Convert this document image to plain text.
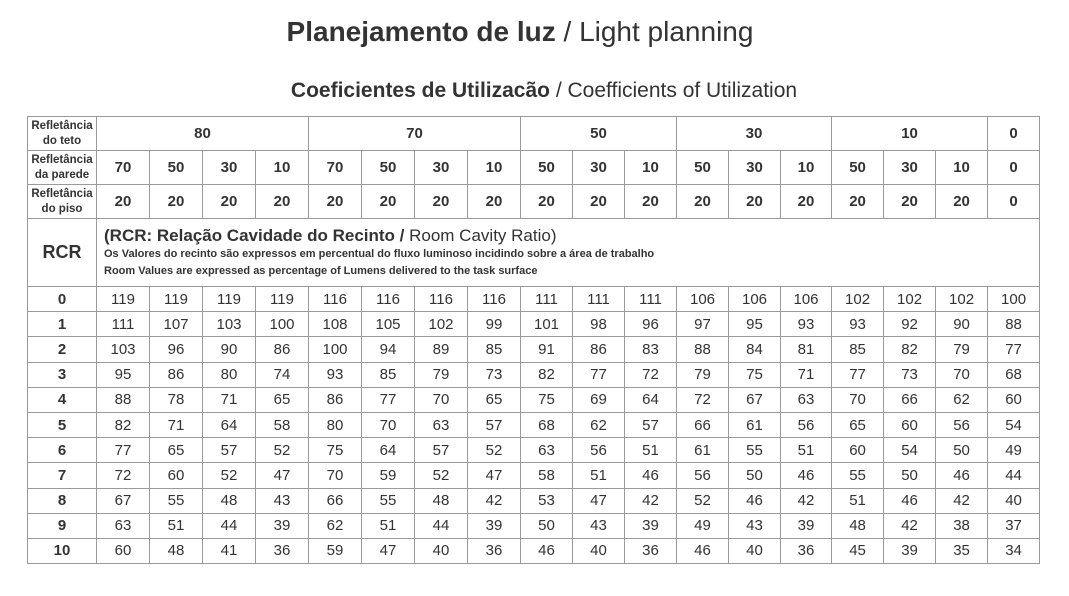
Planejamento de luz / Light planning
Coeficientes de Utilizacão / Coefficients of Utilization
Refletância
do teto	80				70				50			30			10			0
Refletância
da parede	70	50	30	10	70	50	30	10	50	30	10	50	30	10	50	30	10	0
Refletância
do piso	20	20	20	20	20	20	20	20	20	20	20	20	20	20	20	20	20	0
RCR	(RCR: Relação Cavidade do Recinto / Room Cavity Ratio)
Os Valores do recinto são expressos em percentual do fluxo luminoso incidindo sobre a área de trabalho
Room Values are expressed as percentage of Lumens delivered to the task surface																	

0	119	119	119	119	116	116	116	116	111	111	111	106	106	106	102	102	102	100
1	111	107	103	100	108	105	102	99	101	98	96	97	95	93	93	92	90	88
2	103	96	90	86	100	94	89	85	91	86	83	88	84	81	85	82	79	77
3	95	86	80	74	93	85	79	73	82	77	72	79	75	71	77	73	70	68
4	88	78	71	65	86	77	70	65	75	69	64	72	67	63	70	66	62	60
5	82	71	64	58	80	70	63	57	68	62	57	66	61	56	65	60	56	54
6	77	65	57	52	75	64	57	52	63	56	51	61	55	51	60	54	50	49
7	72	60	52	47	70	59	52	47	58	51	46	56	50	46	55	50	46	44
8	67	55	48	43	66	55	48	42	53	47	42	52	46	42	51	46	42	40
9	63	51	44	39	62	51	44	39	50	43	39	49	43	39	48	42	38	37
10	60	48	41	36	59	47	40	36	46	40	36	46	40	36	45	39	35	34
